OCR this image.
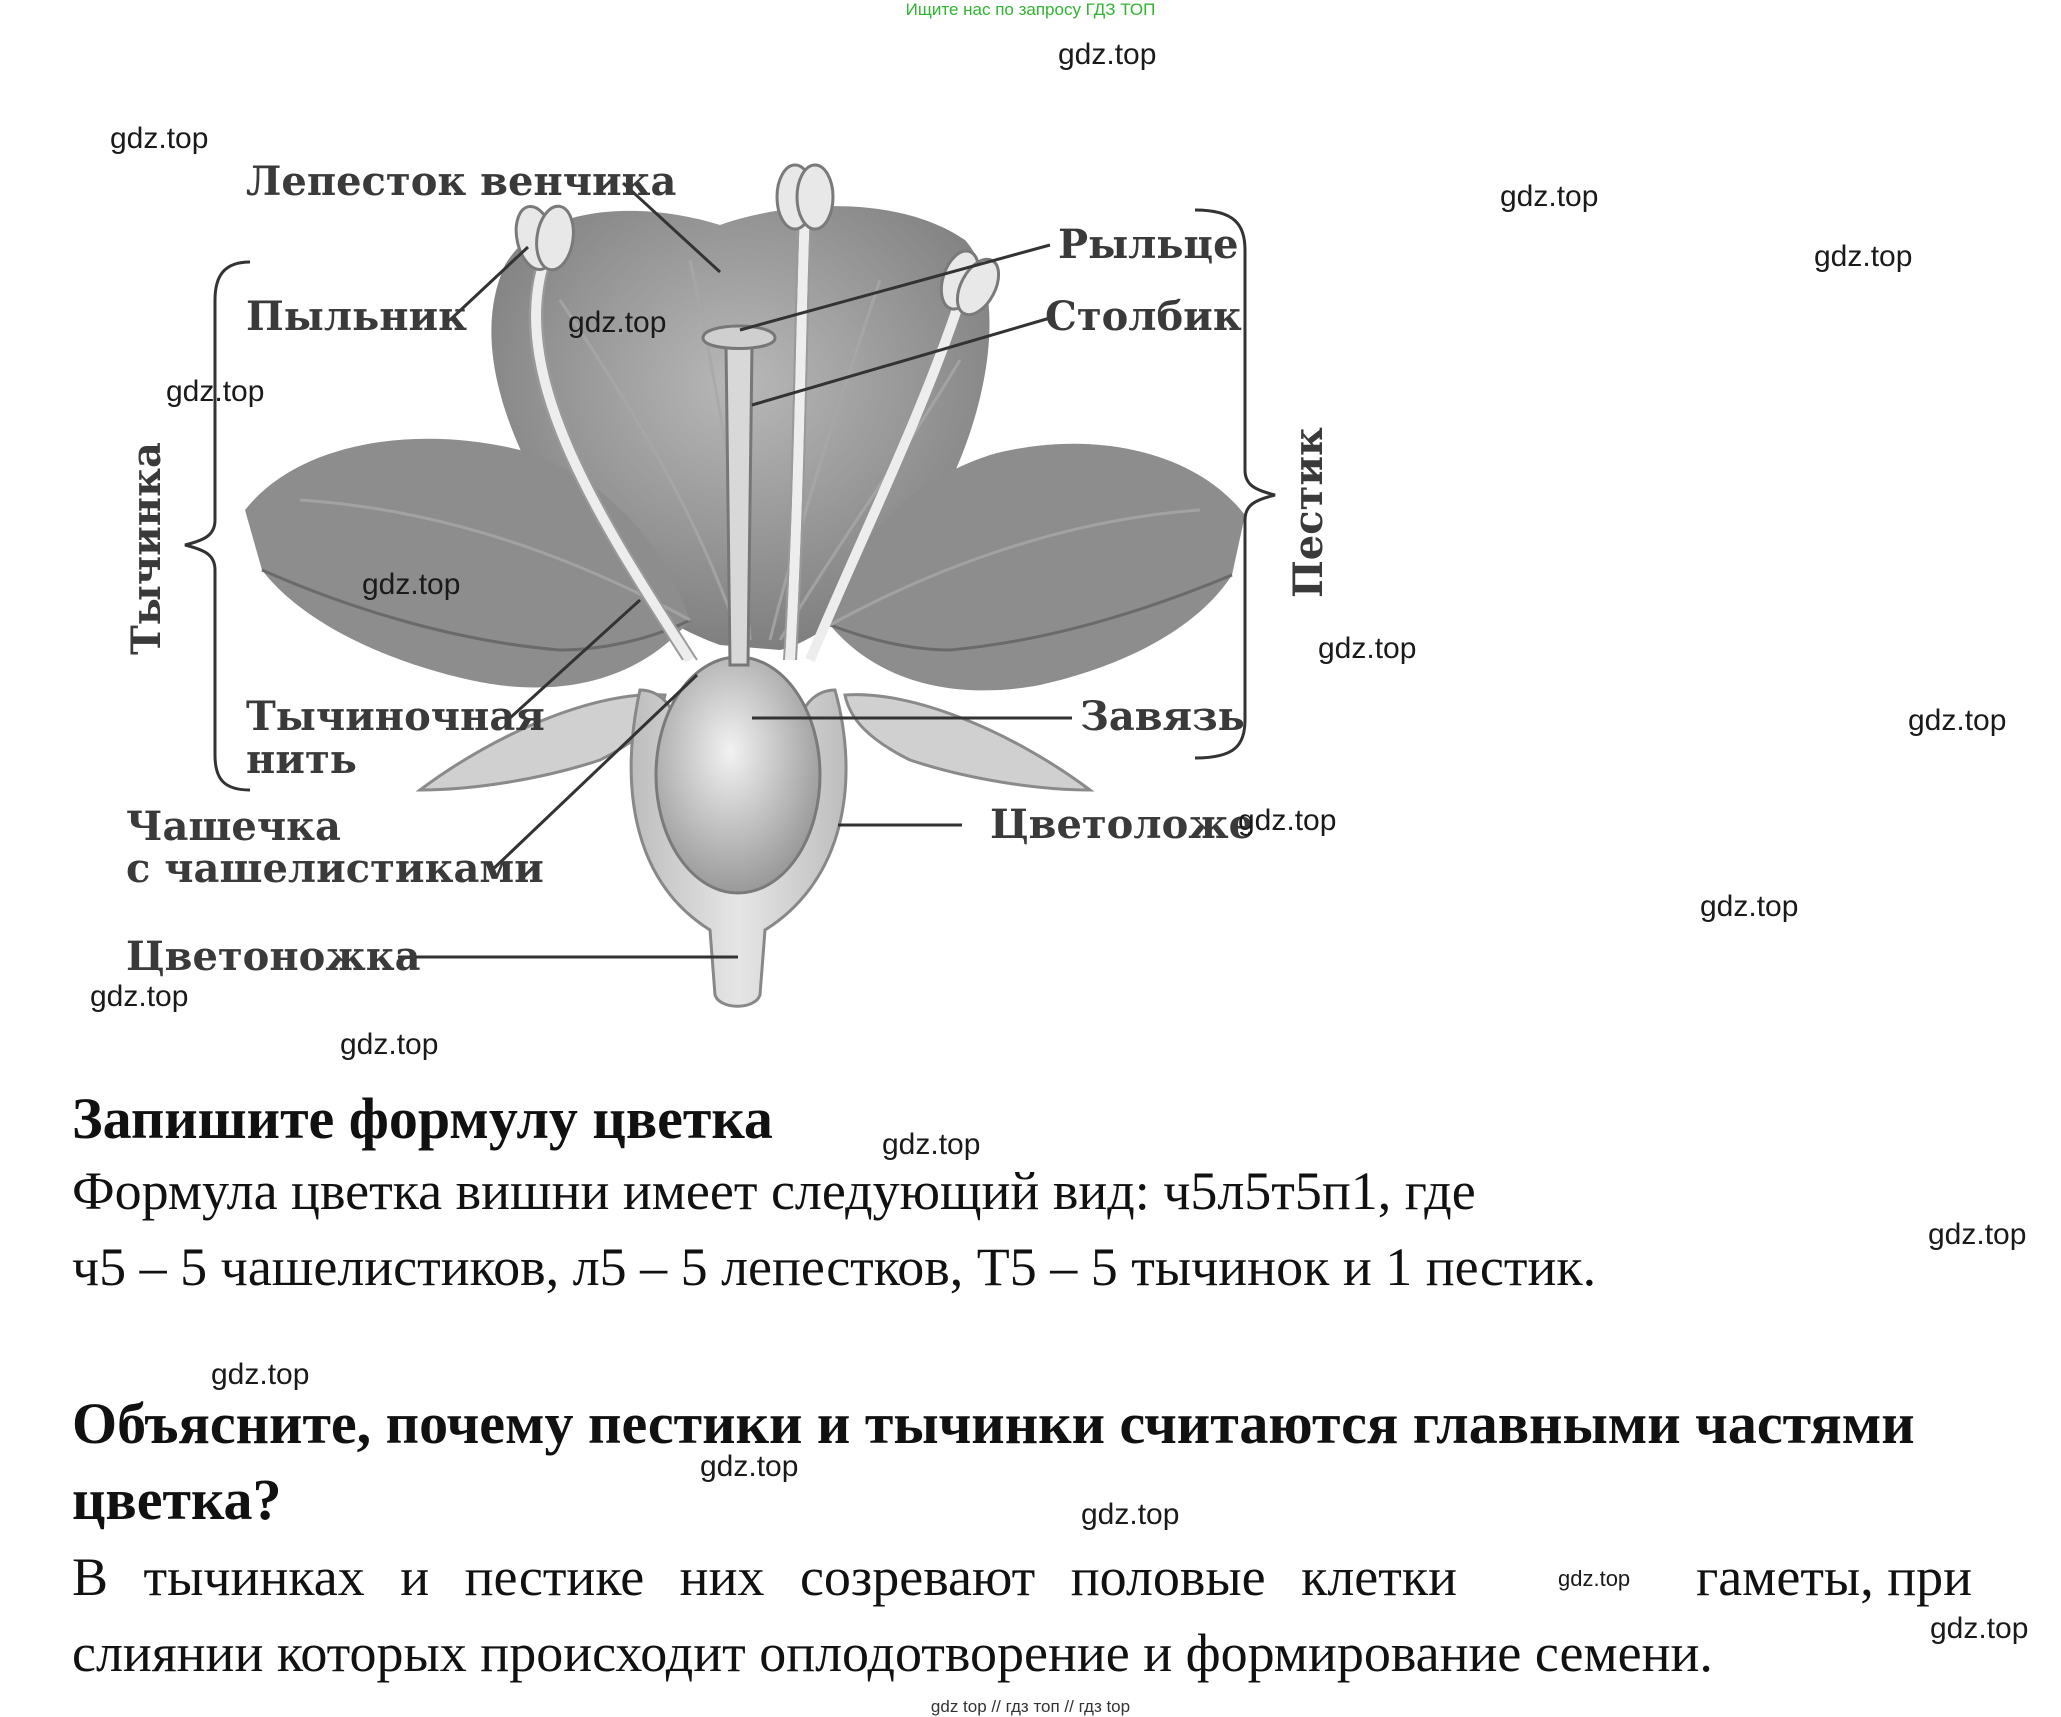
Ищите нас по запросу ГДЗ ТОП
Лепесток венчика
Пыльник
Тычинка
Тычиночная
нить
Чашечка
с чашелистиками
Цветоножка
Рыльце
Столбик
Пестик
Завязь
Цветоложе
Запишите формулу цветка
Формула цветка вишни имеет следующий вид: ч5л5т5п1, где
ч5 – 5 чашелистиков, л5 – 5 лепестков, Т5 – 5 тычинок и 1 пестик.
Объясните, почему пестики и тычинки считаются главными частями
цветка?
В тычинках и пестике них созревают половые клетки	гаметы, при
слиянии которых происходит оплодотворение и формирование семени.
gdz.top
gdz.top
gdz.top
gdz.top
gdz.top
gdz.top
gdz.top
gdz.top
gdz.top
gdz.top
gdz.top
gdz.top
gdz.top
gdz.top
gdz.top
gdz.top
gdz.top
gdz.top
gdz.top
gdz.top
gdz top // гдз топ // гдз top
